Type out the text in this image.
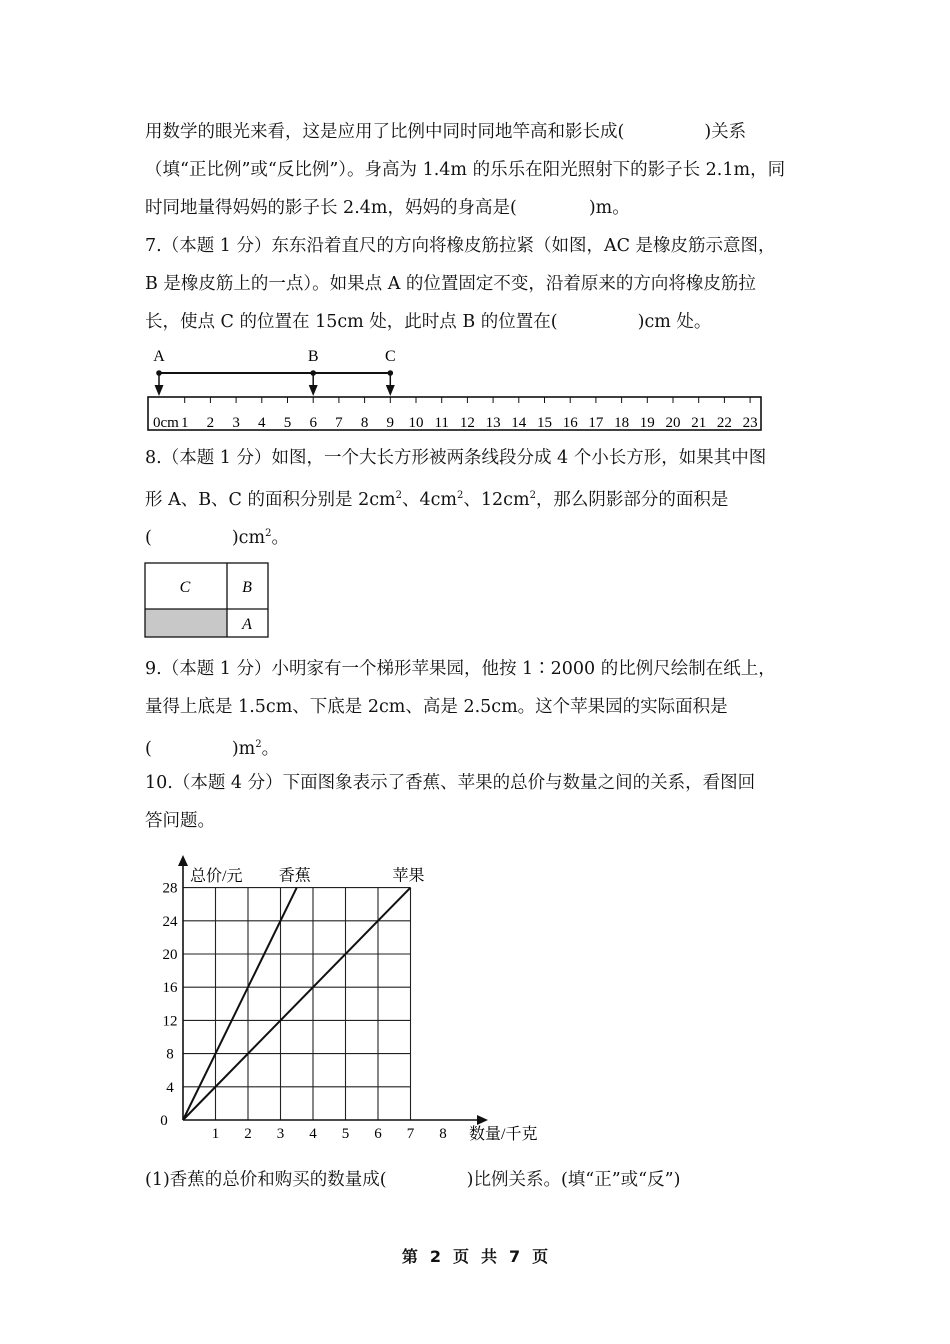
用数学的眼光来看，这是应用了比例中同时同地竿高和影长成(	)关系
（填“正比例”或“反比例”）。身高为 1.4m 的乐乐在阳光照射下的影子长 2.1m，同
时同地量得妈妈的影子长 2.4m，妈妈的身高是(	)m。
7.（本题 1 分）东东沿着直尺的方向将橡皮筋拉紧（如图，AC 是橡皮筋示意图，
B 是橡皮筋上的一点）。如果点 A 的位置固定不变，沿着原来的方向将橡皮筋拉
长，使点 C 的位置在 15cm 处，此时点 B 的位置在(	)cm 处。
A	B	C
0cm 1 2 3 4 5 6 7 8 9 10 11 12 13 14 15 16 17 18 19 20 21 22 23
8.（本题 1 分）如图，一个大长方形被两条线段分成 4 个小长方形，如果其中图
形 A、B、C 的面积分别是 $2cm^2$、$4cm^2$、$12cm^2$，那么阴影部分的面积是
(	)$cm^2$。
C	B
A
9.（本题 1 分）小明家有一个梯形苹果园，他按 1∶2000 的比例尺绘制在纸上，
量得上底是 1.5cm、下底是 2cm、高是 2.5cm。这个苹果园的实际面积是
(	)$m^2$。
10.（本题 4 分）下面图象表示了香蕉、苹果的总价与数量之间的关系，看图回
答问题。
0
1 2 3 4 5 6 7 8
4
8
12
16
20
24
28
总价/元
数量/千克
香蕉	苹果
(1)香蕉的总价和购买的数量成(	)比例关系。(填“正”或“反”)
第 2 页 共 7 页
